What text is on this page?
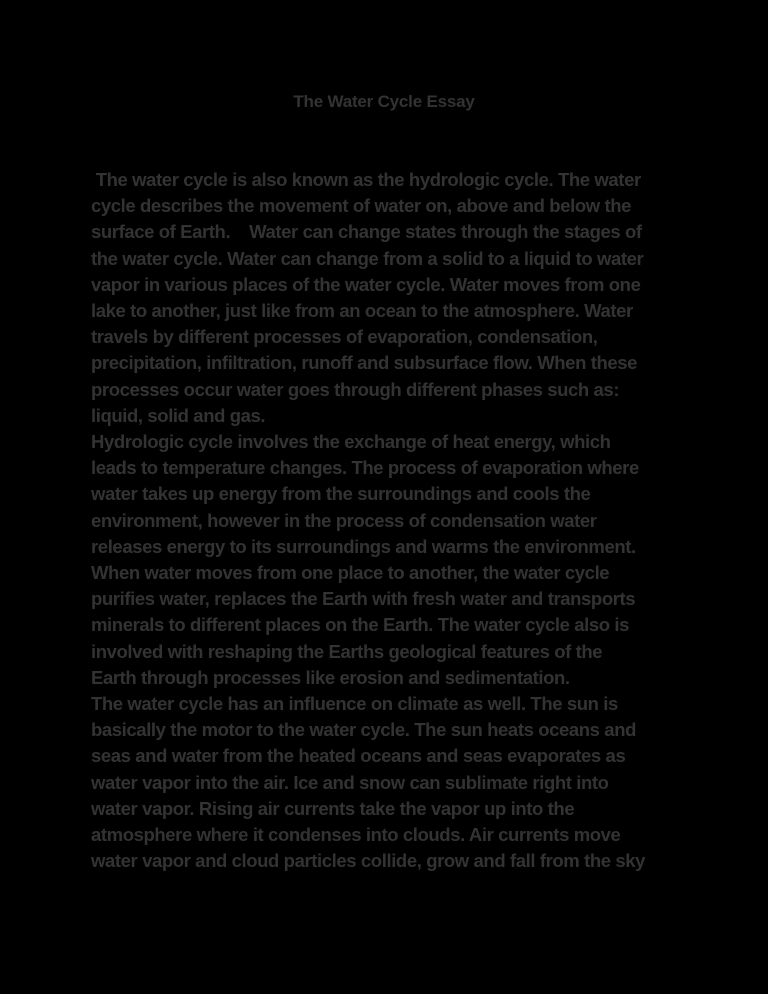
The Water Cycle Essay
The water cycle is also known as the hydrologic cycle. The water
cycle describes the movement of water on, above and below the
surface of Earth.    Water can change states through the stages of
the water cycle. Water can change from a solid to a liquid to water
vapor in various places of the water cycle. Water moves from one
lake to another, just like from an ocean to the atmosphere. Water
travels by different processes of evaporation, condensation,
precipitation, infiltration, runoff and subsurface flow. When these
processes occur water goes through different phases such as:
liquid, solid and gas.
Hydrologic cycle involves the exchange of heat energy, which
leads to temperature changes. The process of evaporation where
water takes up energy from the surroundings and cools the
environment, however in the process of condensation water
releases energy to its surroundings and warms the environment.
When water moves from one place to another, the water cycle
purifies water, replaces the Earth with fresh water and transports
minerals to different places on the Earth. The water cycle also is
involved with reshaping the Earths geological features of the
Earth through processes like erosion and sedimentation.
The water cycle has an influence on climate as well. The sun is
basically the motor to the water cycle. The sun heats oceans and
seas and water from the heated oceans and seas evaporates as
water vapor into the air. Ice and snow can sublimate right into
water vapor. Rising air currents take the vapor up into the
atmosphere where it condenses into clouds. Air currents move
water vapor and cloud particles collide, grow and fall from the sky
